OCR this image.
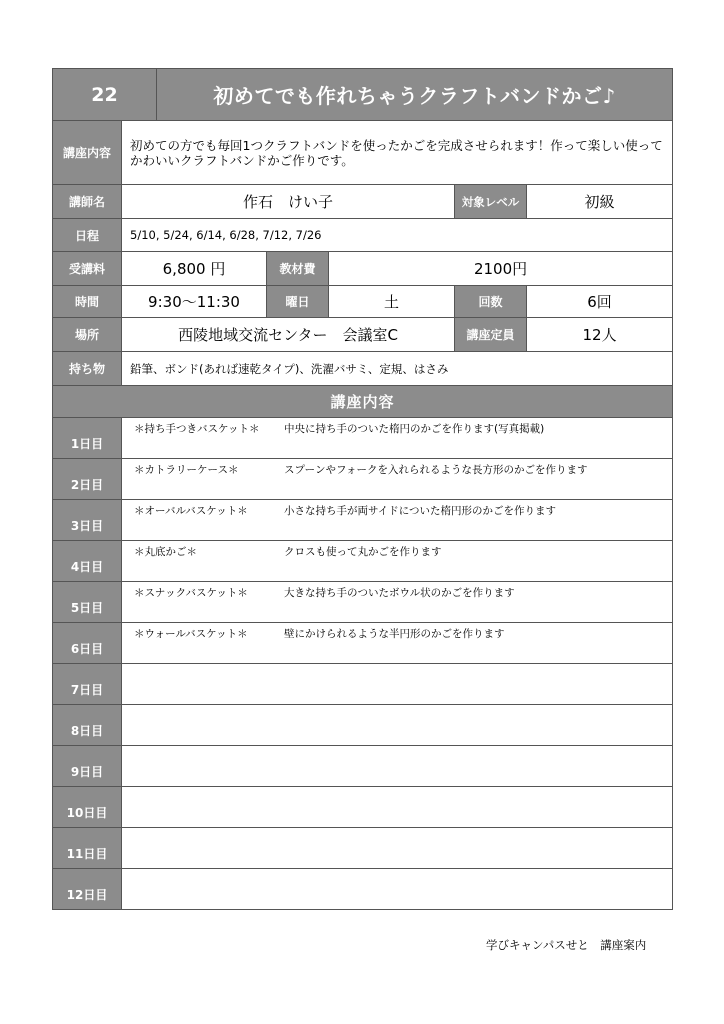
22		初めてでも作れちゃうクラフトバンドかご♪				
講座内容	初めての方でも毎回1つクラフトバンドを使ったかごを完成させられます！作って楽しい使ってかわいいクラフトバンドかご作りです。					
講師名	作石　けい子				対象レベル	初級
日程	5/10, 5/24, 6/14, 6/28, 7/12, 7/26					
受講料	6,800 円		教材費	2100円		
時間	9:30～11:30		曜日	土	回数	6回
場所	西陵地域交流センター　会議室C				講座定員	12人
持ち物	鉛筆、ボンド(あれば速乾タイプ)、洗濯バサミ、定規、はさみ					
講座内容						
1日目	＊持ち手つきバスケット＊ 中央に持ち手のついた楕円のかごを作ります(写真掲載)					
2日目	＊カトラリーケース＊ スプーンやフォークを入れられるような長方形のかごを作ります					
3日目	＊オーバルバスケット＊ 小さな持ち手が両サイドについた楕円形のかごを作ります					
4日目	＊丸底かご＊ クロスも使って丸かごを作ります					
5日目	＊スナックバスケット＊ 大きな持ち手のついたボウル状のかごを作ります					
6日目	＊ウォールバスケット＊ 壁にかけられるような半円形のかごを作ります					
7日目						
8日目						
9日目						
10日目						
11日目						
12日目						
学びキャンパスせと　講座案内
